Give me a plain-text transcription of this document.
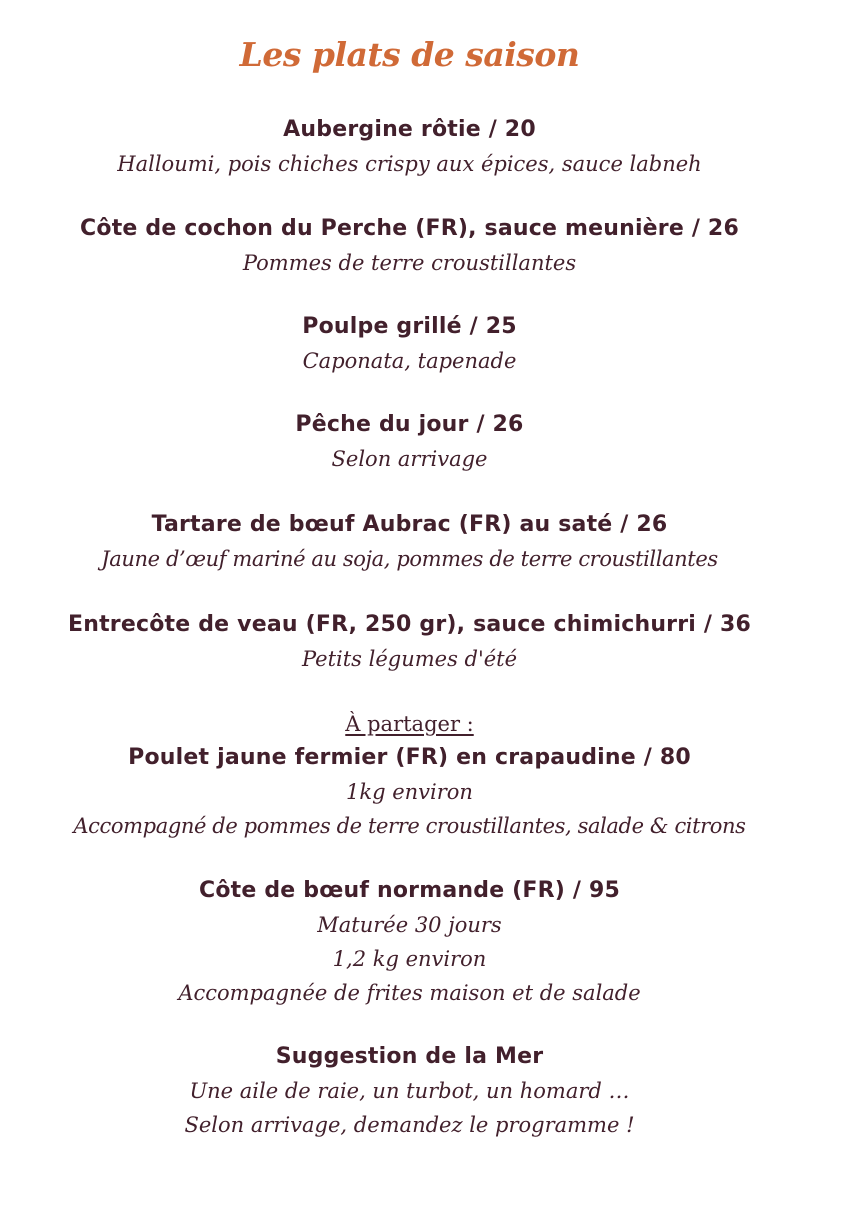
Les plats de saison
Aubergine rôtie / 20
Halloumi, pois chiches crispy aux épices, sauce labneh
Côte de cochon du Perche (FR), sauce meunière / 26
Pommes de terre croustillantes
Poulpe grillé / 25
Caponata, tapenade
Pêche du jour / 26
Selon arrivage
Tartare de bœuf Aubrac (FR) au saté / 26
Jaune d’œuf mariné au soja, pommes de terre croustillantes
Entrecôte de veau (FR, 250 gr), sauce chimichurri / 36
Petits légumes d'été
À partager :
Poulet jaune fermier (FR) en crapaudine / 80
1kg environ
Accompagné de pommes de terre croustillantes, salade & citrons
Côte de bœuf normande (FR) / 95
Maturée 30 jours
1,2 kg environ
Accompagnée de frites maison et de salade
Suggestion de la Mer
Une aile de raie, un turbot, un homard …
Selon arrivage, demandez le programme !
